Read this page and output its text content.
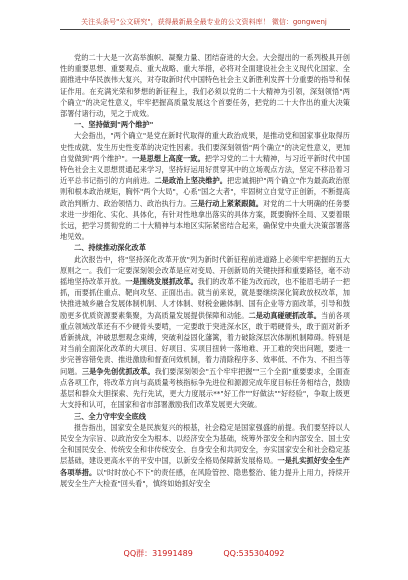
关注头条号"公文研究"，获得最新最全最专业的公文资料库！ 微信：gongwenj

党的二十大是一次高举旗帜、凝聚力量、团结奋进的大会。大会提出的一系列极具开创性的重要思想、重要观点、重大战略、重大举措，必将对全面建设社会主义现代化国家、全面推进中华民族伟大复兴，对夺取新时代中国特色社会主义新胜利发挥十分重要的指导和保证作用。在充满光荣和梦想的新征程上，我们必须以党的二十大精神为引领，深刻领悟"两个确立"的决定性意义，牢牢把握高质量发展这个首要任务，把党的二十大作出的重大决策部署付诸行动，见之于成效。

一、坚持做到"两个维护"

大会指出，"两个确立"是党在新时代取得的重大政治成果，是推动党和国家事业取得历史性成就、发生历史性变革的决定性因素。我们要深刻领悟"两个确立"的决定性意义，更加自觉做到"两个维护"。一是思想上高度一致。把学习党的二十大精神，与习近平新时代中国特色社会主义思想贯通起来学习，坚持好运用好贯穿其中的立场观点方法，坚定不移沿着习近平总书记指引的方向前进。二是政治上坚决维护。把忠诚拥护"两个确立"作为最高政治原则和根本政治规矩，胸怀"两个大局"，心系"国之大者"，牢固树立自觉守正创新，不断提高政治判断力、政治领悟力、政治执行力。三是行动上紧紧跟随。对党的二十大明确的任务要求进一步细化、实化、具体化，有针对性地拿出落实的具体方案，既要胸怀全局、又要着眼长远，把学习贯彻党的二十大精神与本地区实际紧密结合起来，确保党中央重大决策部署落地见效。

二、持续推动深化改革

此次报告中，将"坚持深化改革开放"列为新时代新征程前进道路上必须牢牢把握的五大原则之一。我们一定要深刻领会改革是应对变局、开创新局的关键抉择和重要路径，毫不动摇地坚持改革开放。一是围绕发展抓改革。我们的改革不能为改而改，也不能眉毛胡子一把抓，而要抓住重点、靶向攻坚、正面出击。就当前来说，就是要继续深化简政放权改革，加快推进城乡融合发展体制机制、人才体制、财税金融体制、国有企业等方面改革，引导和鼓励更多优质资源要素集聚，为高质量发展提供保障和动能。二是动真碰硬抓改革。当前各项重点领域改革还有不少硬骨头要啃，一定要敢于突进深水区，敢于啃硬骨头，敢于面对新矛盾新挑战，冲破思想观念束缚，突破利益固化藩篱，着力破除深层次体制机制障碍。特别是对当前全面深化改革的大项目、好项目、实项目扭转一落地难、开工难的突出问题，要进一步完善容错免责、推进激励和督查问效机制，着力清除程序多、效率低、不作为、不担当等问题。三是争先创优抓改革。我们要深刻领会"五个牢牢把握""三个全面"重要要求，全面查点各项工作，将改革方向与高质量考核指标争先进位和源源完成年度目标任务相结合，鼓励基层和群众大胆探索、先行先试，更大力度展示**"好工作""好做法""好经验"，争取上级更大支持和认可，在国家和省市部署激励我们改革发展更大突破。

三、全力守牢安全底线

报告指出，国家安全是民族复兴的根基，社会稳定是国家强盛的前提。我们要坚持以人民安全为宗旨、以政治安全为根本、以经济安全为基础，统筹外部安全和内部安全、国土安全和国民安全、传统安全和非传统安全、自身安全和共同安全，夯实国家安全和社会稳定基层基础，建设更高水平的平安中国，以新安全格局保障新发展格局。一是扎实抓好安全生产各项举措。以"时时放心不下"的责任感，在风险管控、隐患整治、能力提升上用力，持续开展安全生产大检查"回头看"，慎终如始抓好安全

QQ群：31991489	QQ:535304092
